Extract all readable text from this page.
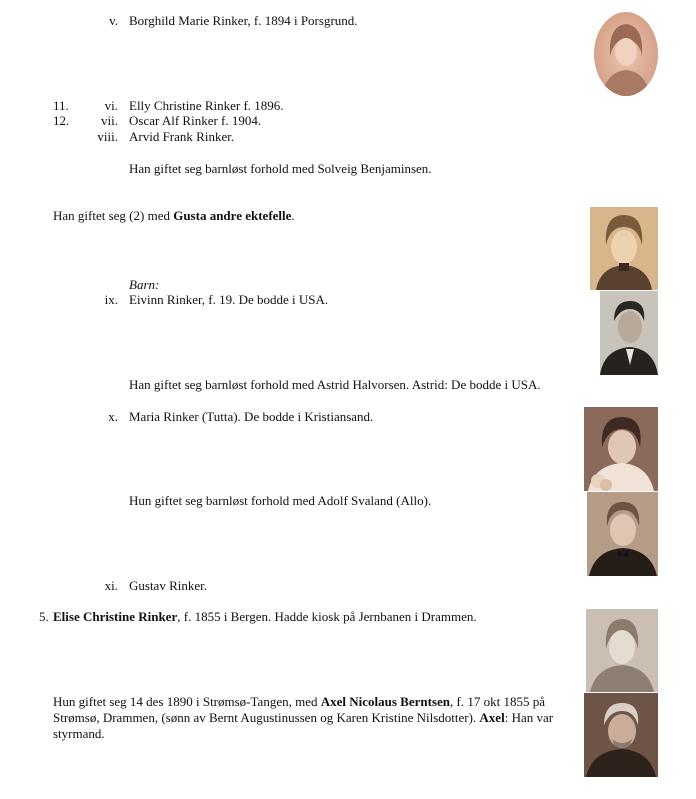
v. Borghild Marie Rinker, f. 1894 i Porsgrund.
11.	vi. Elly Christine Rinker f. 1896.
12.	vii. Oscar Alf Rinker f. 1904.
viii. Arvid Frank Rinker.
Han giftet seg barnløst forhold med Solveig Benjaminsen.
Han giftet seg (2) med Gusta andre ektefelle.
Barn:
ix. Eivinn Rinker, f. 19. De bodde i USA.
Han giftet seg barnløst forhold med Astrid Halvorsen. Astrid: De bodde i USA.
x. Maria Rinker (Tutta). De bodde i Kristiansand.
Hun giftet seg barnløst forhold med Adolf Svaland (Allo).
xi. Gustav Rinker.
5. Elise Christine Rinker, f. 1855 i Bergen. Hadde kiosk på Jernbanen i Drammen.
Hun giftet seg 14 des 1890 i Strømsø-Tangen, med Axel Nicolaus Berntsen, f. 17 okt 1855 på
Strømsø, Drammen, (sønn av Bernt Augustinussen og Karen Kristine Nilsdotter). Axel: Han var
styrmand.
